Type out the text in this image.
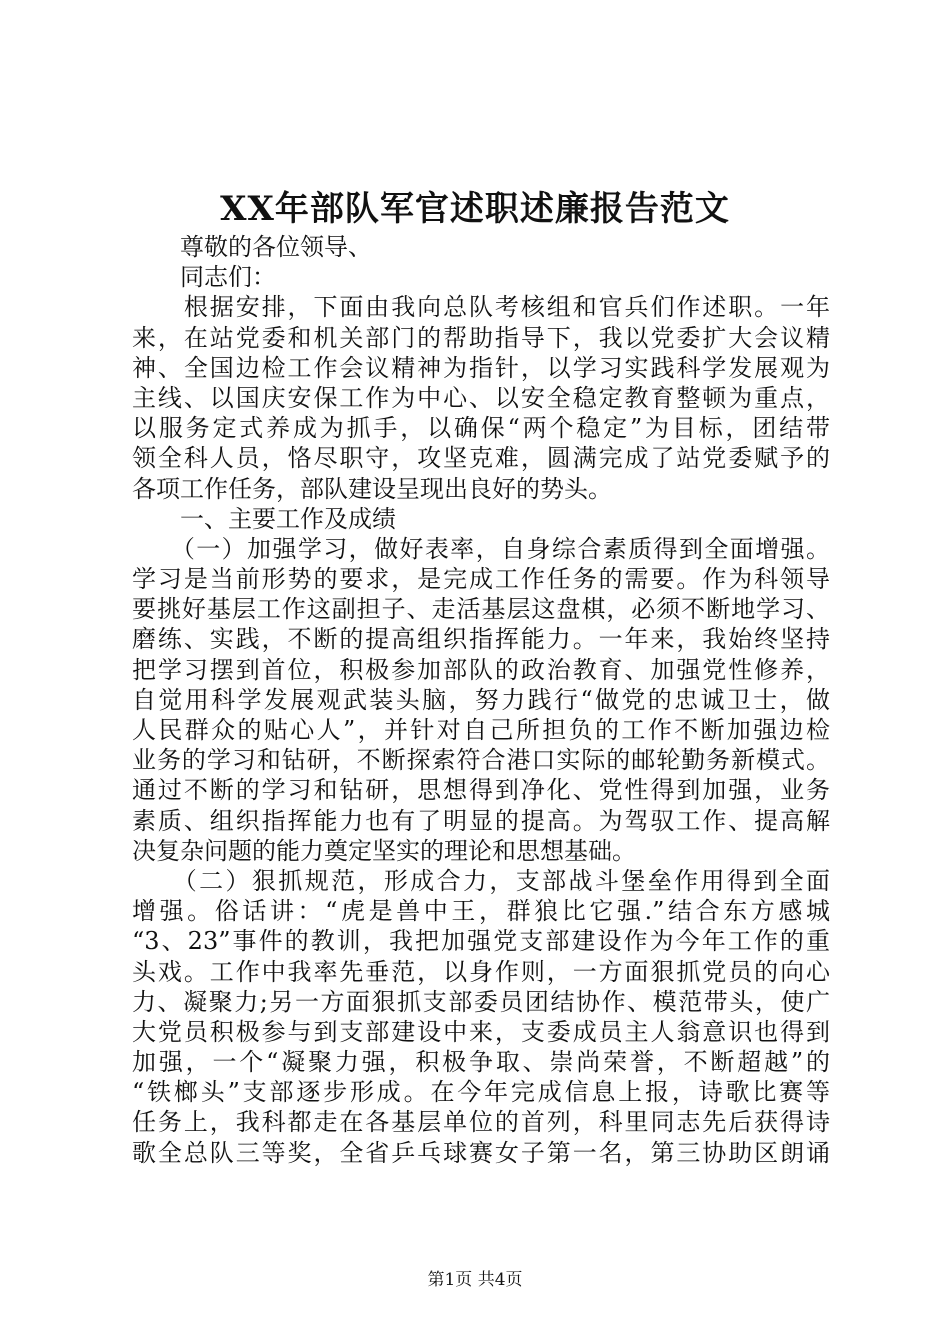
XX年部队军官述职述廉报告范文
　　尊敬的各位领导、
　　同志们：
　　根据安排，下面由我向总队考核组和官兵们作述职。一年
来，在站党委和机关部门的帮助指导下，我以党委扩大会议精
神、全国边检工作会议精神为指针，以学习实践科学发展观为
主线、以国庆安保工作为中心、以安全稳定教育整顿为重点，
以服务定式养成为抓手，以确保“两个稳定”为目标，团结带
领全科人员，恪尽职守，攻坚克难，圆满完成了站党委赋予的
各项工作任务，部队建设呈现出良好的势头。
　　一、主要工作及成绩
　　（一）加强学习，做好表率，自身综合素质得到全面增强。
学习是当前形势的要求，是完成工作任务的需要。作为科领导
要挑好基层工作这副担子、走活基层这盘棋，必须不断地学习、
磨练、实践，不断的提高组织指挥能力。一年来，我始终坚持
把学习摆到首位，积极参加部队的政治教育、加强党性修养，
自觉用科学发展观武装头脑，努力践行“做党的忠诚卫士，做
人民群众的贴心人”，并针对自己所担负的工作不断加强边检
业务的学习和钻研，不断探索符合港口实际的邮轮勤务新模式。
通过不断的学习和钻研，思想得到净化、党性得到加强，业务
素质、组织指挥能力也有了明显的提高。为驾驭工作、提高解
决复杂问题的能力奠定坚实的理论和思想基础。
　　（二）狠抓规范，形成合力，支部战斗堡垒作用得到全面
增强。俗话讲：“虎是兽中王，群狼比它强.”结合东方感城
“3、23”事件的教训，我把加强党支部建设作为今年工作的重
头戏。工作中我率先垂范，以身作则，一方面狠抓党员的向心
力、凝聚力;另一方面狠抓支部委员团结协作、模范带头，使广
大党员积极参与到支部建设中来，支委成员主人翁意识也得到
加强，一个“凝聚力强，积极争取、崇尚荣誉，不断超越”的
“铁榔头”支部逐步形成。在今年完成信息上报，诗歌比赛等
任务上，我科都走在各基层单位的首列，科里同志先后获得诗
歌全总队三等奖，全省乒乓球赛女子第一名，第三协助区朗诵
第1页 共4页
